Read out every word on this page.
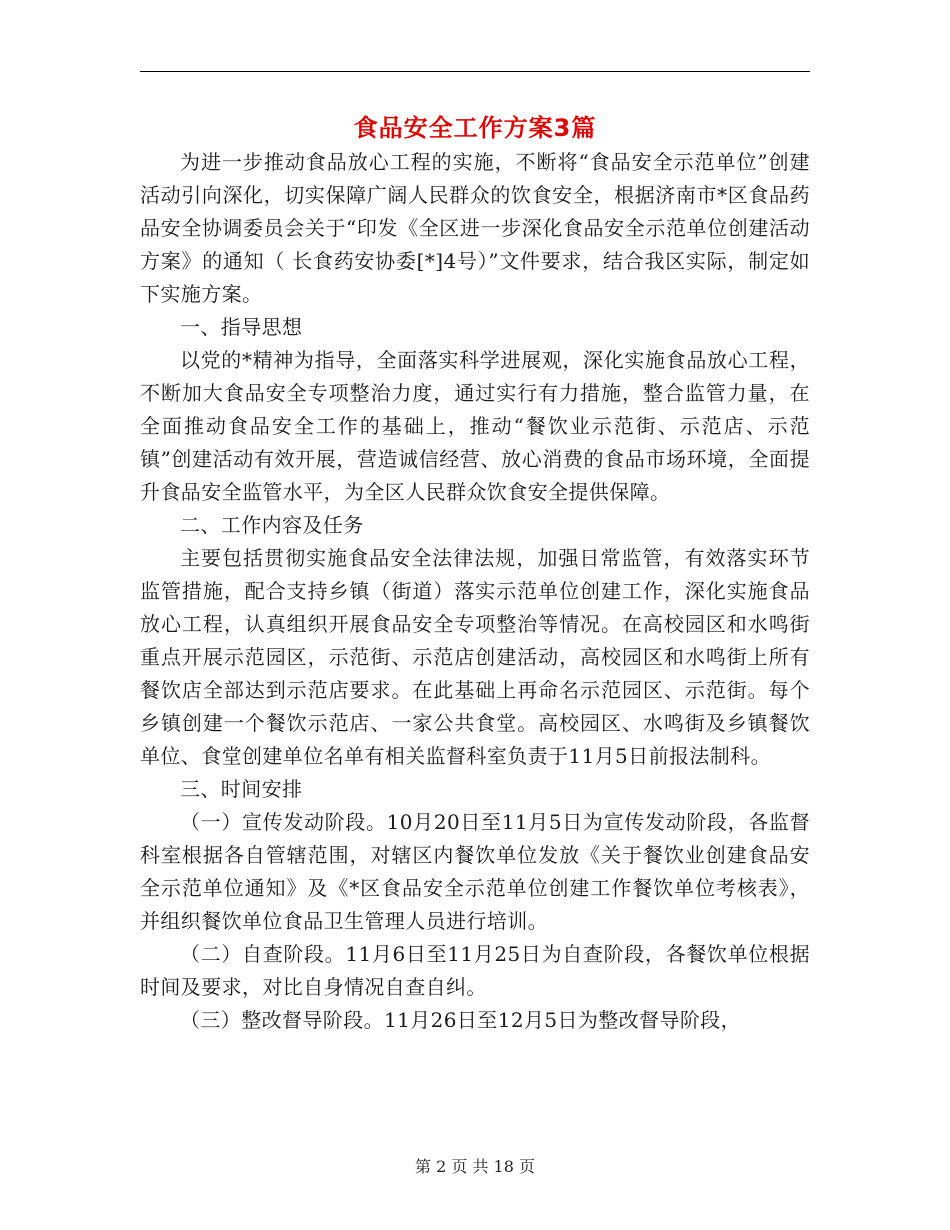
食品安全工作方案3篇

为进一步推动食品放心工程的实施，不断将“食品安全示范单位”创建活动引向深化，切实保障广阔人民群众的饮食安全，根据济南市*区食品药品安全协调委员会关于“印发《全区进一步深化食品安全示范单位创建活动方案》的通知（ 长食药安协委[*]4号）”文件要求，结合我区实际，制定如下实施方案。

一、指导思想

以党的*精神为指导，全面落实科学进展观，深化实施食品放心工程，不断加大食品安全专项整治力度，通过实行有力措施，整合监管力量，在全面推动食品安全工作的基础上，推动“餐饮业示范街、示范店、示范镇”创建活动有效开展，营造诚信经营、放心消费的食品市场环境，全面提升食品安全监管水平，为全区人民群众饮食安全提供保障。

二、工作内容及任务

主要包括贯彻实施食品安全法律法规，加强日常监管，有效落实环节监管措施，配合支持乡镇（街道）落实示范单位创建工作，深化实施食品放心工程，认真组织开展食品安全专项整治等情况。在高校园区和水鸣街重点开展示范园区，示范街、示范店创建活动，高校园区和水鸣街上所有餐饮店全部达到示范店要求。在此基础上再命名示范园区、示范街。每个乡镇创建一个餐饮示范店、一家公共食堂。高校园区、水鸣街及乡镇餐饮单位、食堂创建单位名单有相关监督科室负责于11月5日前报法制科。

三、时间安排

（一）宣传发动阶段。10月20日至11月5日为宣传发动阶段，各监督科室根据各自管辖范围，对辖区内餐饮单位发放《关于餐饮业创建食品安全示范单位通知》及《*区食品安全示范单位创建工作餐饮单位考核表》，并组织餐饮单位食品卫生管理人员进行培训。

（二）自查阶段。11月6日至11月25日为自查阶段，各餐饮单位根据时间及要求，对比自身情况自查自纠。

（三）整改督导阶段。11月26日至12月5日为整改督导阶段，

第 2 页 共 18 页
